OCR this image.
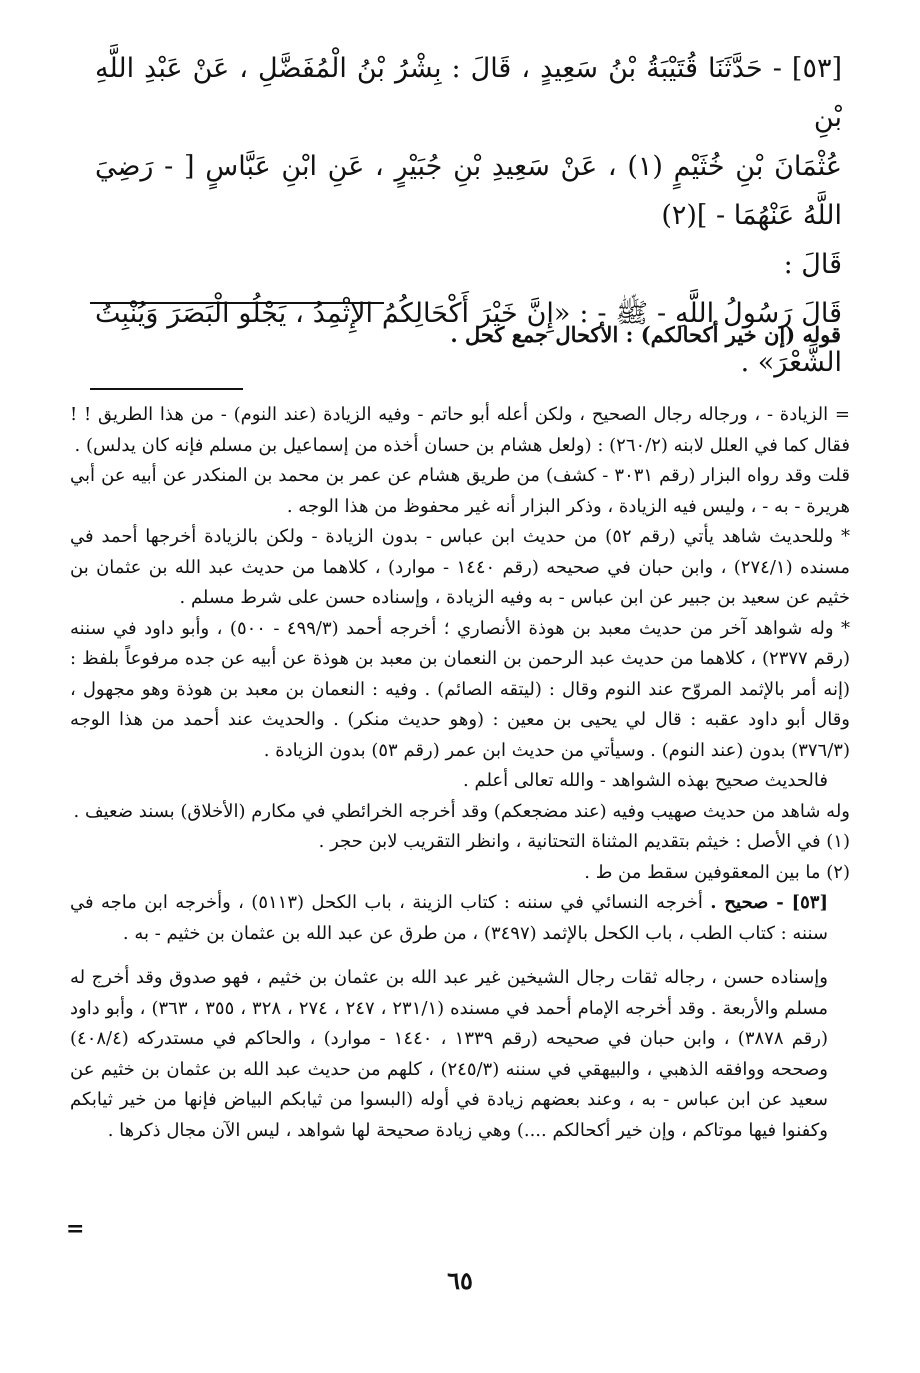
[٥٣] - حَدَّثَنَا قُتَيْبَةُ بْنُ سَعِيدٍ ، قَالَ : بِشْرُ بْنُ الْمُفَضَّلِ ، عَنْ عَبْدِ اللَّهِ بْنِ

عُثْمَانَ بْنِ خُثَيْمٍ (١) ، عَنْ سَعِيدِ بْنِ جُبَيْرٍ ، عَنِ ابْنِ عَبَّاسٍ [ - رَضِيَ اللَّهُ عَنْهُمَا - ](٢)

قَالَ :

قَالَ رَسُولُ اللَّهِ - ﷺ - : «إِنَّ خَيْرَ أَكْحَالِكُمُ الإِثْمِدُ ، يَجْلُو الْبَصَرَ وَيُنْبِتُ الشَّعْرَ» .

قوله (إن خير أكحالكم) : الأكحال جمع كحل .

= الزيادة - ، ورجاله رجال الصحيح ، ولكن أعله أبو حاتم - وفيه الزيادة (عند النوم) - من هذا الطريق ! ! فقال كما في العلل لابنه (٢٦٠/٢) : (ولعل هشام بن حسان أخذه من إسماعيل بن مسلم فإنه كان يدلس) .

قلت وقد رواه البزار (رقم ٣٠٣١ - كشف) من طريق هشام عن عمر بن محمد بن المنكدر عن أبيه عن أبي هريرة - به - ، وليس فيه الزيادة ، وذكر البزار أنه غير محفوظ من هذا الوجه .

* وللحديث شاهد يأتي (رقم ٥٢) من حديث ابن عباس - بدون الزيادة - ولكن بالزيادة أخرجها أحمد في مسنده (٢٧٤/١) ، وابن حبان في صحيحه (رقم ١٤٤٠ - موارد) ، كلاهما من حديث عبد الله بن عثمان بن خثيم عن سعيد بن جبير عن ابن عباس - به وفيه الزيادة ، وإسناده حسن على شرط مسلم .

* وله شواهد آخر من حديث معبد بن هوذة الأنصاري ؛ أخرجه أحمد (٤٩٩/٣ - ٥٠٠) ، وأبو داود في سننه (رقم ٢٣٧٧) ، كلاهما من حديث عبد الرحمن بن النعمان بن معبد بن هوذة عن أبيه عن جده مرفوعاً بلفظ : (إنه أمر بالإثمد المروّح عند النوم وقال : (ليتقه الصائم) . وفيه : النعمان بن معبد بن هوذة وهو مجهول ، وقال أبو داود عقبه : قال لي يحيى بن معين : (وهو حديث منكر) . والحديث عند أحمد من هذا الوجه (٣٧٦/٣) بدون (عند النوم) . وسيأتي من حديث ابن عمر (رقم ٥٣) بدون الزيادة .

فالحديث صحيح بهذه الشواهد - والله تعالى أعلم .

وله شاهد من حديث صهيب وفيه (عند مضجعكم) وقد أخرجه الخرائطي في مكارم (الأخلاق) بسند ضعيف .

(١) في الأصل : خيثم بتقديم المثناة التحتانية ، وانظر التقريب لابن حجر .

(٢) ما بين المعقوفين سقط من ط .

[٥٣] - صحيح . أخرجه النسائي في سننه : كتاب الزينة ، باب الكحل (٥١١٣) ، وأخرجه ابن ماجه في سننه : كتاب الطب ، باب الكحل بالإثمد (٣٤٩٧) ، من طرق عن عبد الله بن عثمان بن خثيم - به .

وإسناده حسن ، رجاله ثقات رجال الشيخين غير عبد الله بن عثمان بن خثيم ، فهو صدوق وقد أخرج له مسلم والأربعة . وقد أخرجه الإمام أحمد في مسنده (٢٣١/١ ، ٢٤٧ ، ٢٧٤ ، ٣٢٨ ، ٣٥٥ ، ٣٦٣) ، وأبو داود (رقم ٣٨٧٨) ، وابن حبان في صحيحه (رقم ١٣٣٩ ، ١٤٤٠ - موارد) ، والحاكم في مستدركه (٤٠٨/٤) وصححه ووافقه الذهبي ، والبيهقي في سننه (٢٤٥/٣) ، كلهم من حديث عبد الله بن عثمان بن خثيم عن سعيد عن ابن عباس - به ، وعند بعضهم زيادة في أوله (البسوا من ثيابكم البياض فإنها من خير ثيابكم وكفنوا فيها موتاكم ، وإن خير أكحالكم ....) وهي زيادة صحيحة لها شواهد ، ليس الآن مجال ذكرها .

=
٦٥
